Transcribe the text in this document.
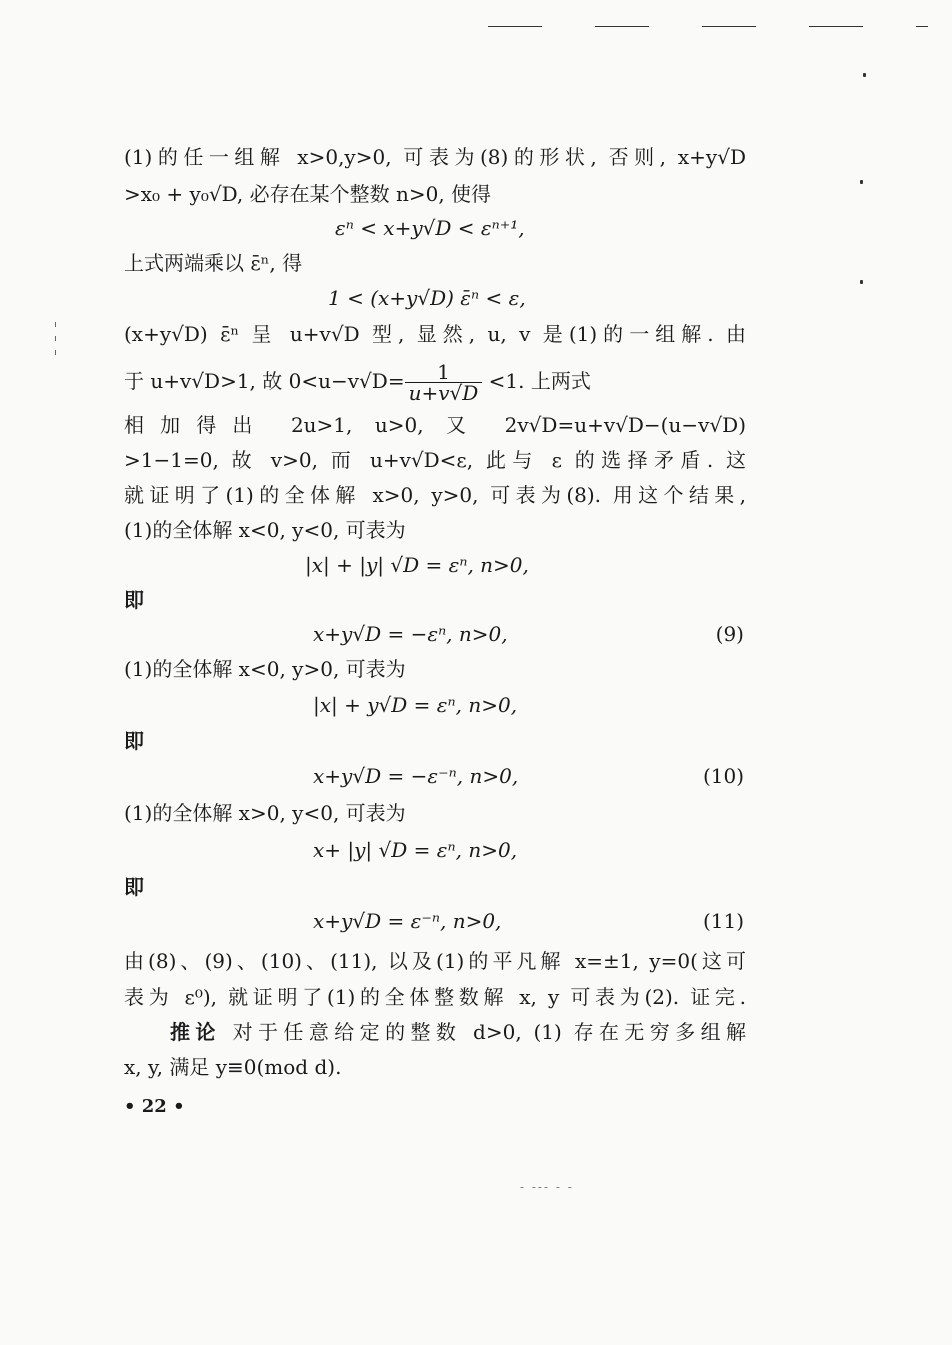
(1)的任一组解 x>0,y>0, 可表为(8)的形状, 否则, x+y√D
>x₀ + y₀√D, 必存在某个整数 n>0, 使得
εⁿ < x+y√D < εⁿ⁺¹,
上式两端乘以 ε̄ⁿ, 得
1 < (x+y√D) ε̄ⁿ < ε,
(x+y√D) ε̄ⁿ 呈 u+v√D 型, 显然, u, v 是(1)的一组解. 由
于 u+v√D>1, 故 $0<u-v√D= \frac{1}{u+v√D} <1$. 上两式
相加得出 2u>1, u>0, 又 2v√D=u+v√D−(u−v√D)
>1−1=0, 故 v>0, 而 u+v√D<ε, 此与 ε 的选择矛盾. 这
就证明了(1)的全体解 x>0, y>0, 可表为(8). 用这个结果,
(1)的全体解 x<0, y<0, 可表为
|x| + |y| √D = εⁿ, n>0,
即
x+y√D = −εⁿ, n>0,	(9)
(1)的全体解 x<0, y>0, 可表为
|x| + y√D = εⁿ, n>0,
即
x+y√D = −ε⁻ⁿ, n>0,	(10)
(1)的全体解 x>0, y<0, 可表为
x+ |y| √D = εⁿ, n>0,
即
x+y√D = ε⁻ⁿ, n>0,	(11)
由(8)、(9)、(10)、(11), 以及(1)的平凡解 x=±1, y=0(这可
表为 ε⁰), 就证明了(1)的全体整数解 x, y 可表为(2). 证完.
推论 对于任意给定的整数 d>0, (1) 存在无穷多组解
x, y, 满足 y≡0(mod d).
• 22 •
- --- - -
